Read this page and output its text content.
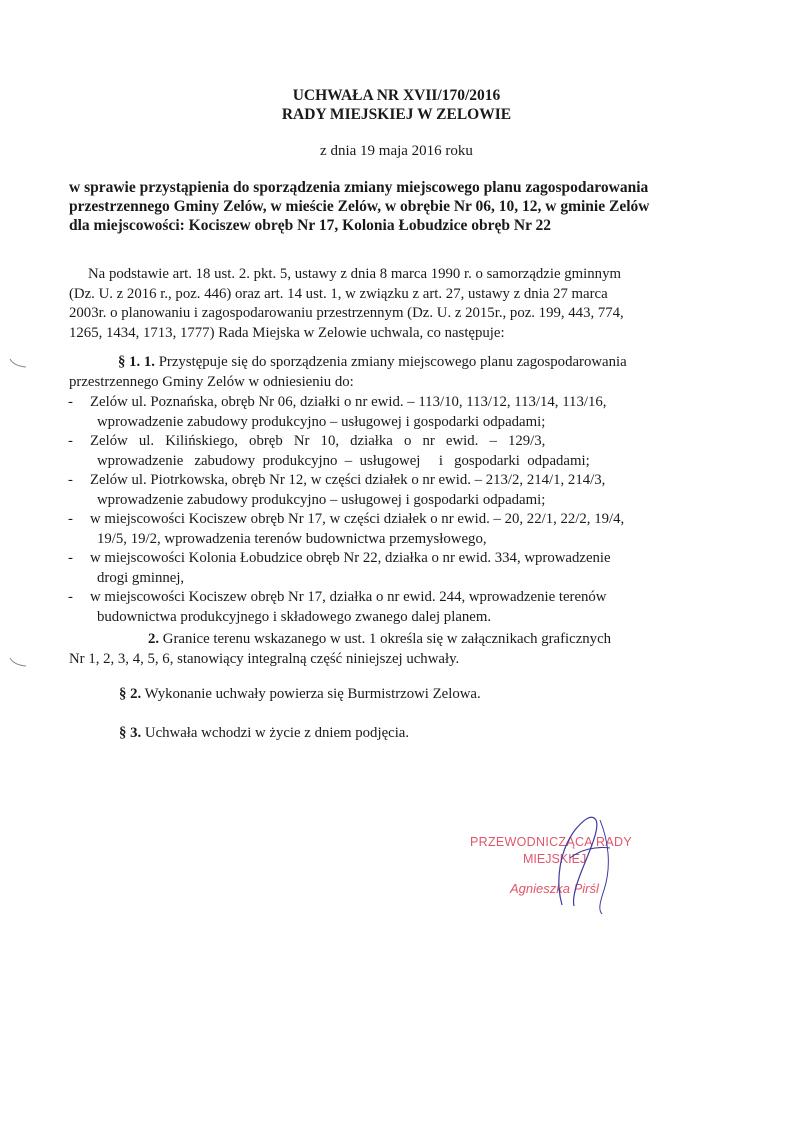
UCHWAŁA NR XVII/170/2016
RADY MIEJSKIEJ W ZELOWIE
z dnia 19 maja 2016 roku
w sprawie przystąpienia do sporządzenia zmiany miejscowego planu zagospodarowania
przestrzennego Gminy Zelów, w mieście Zelów, w obrębie Nr 06, 10, 12, w gminie Zelów
dla miejscowości: Kociszew obręb Nr 17, Kolonia Łobudzice obręb Nr 22
Na podstawie art. 18 ust. 2. pkt. 5, ustawy z dnia 8 marca 1990 r. o samorządzie gminnym
(Dz. U. z 2016 r., poz. 446) oraz art. 14 ust. 1, w związku z art. 27, ustawy z dnia 27 marca
2003r. o planowaniu i zagospodarowaniu przestrzennym (Dz. U. z 2015r., poz. 199, 443, 774,
1265, 1434, 1713, 1777) Rada Miejska w Zelowie uchwala, co następuje:
§ 1. 1. Przystępuje się do sporządzenia zmiany miejscowego planu zagospodarowania
przestrzennego Gminy Zelów w odniesieniu do:
- Zelów ul. Poznańska, obręb Nr 06, działki o nr ewid. – 113/10, 113/12, 113/14, 113/16,
wprowadzenie zabudowy produkcyjno – usługowej i gospodarki odpadami;
- Zelów   ul.   Kilińskiego,   obręb   Nr   10,   działka   o   nr   ewid.   –   129/3,
wprowadzenie   zabudowy  produkcyjno  –  usługowej     i   gospodarki  odpadami;
- Zelów ul. Piotrkowska, obręb Nr 12, w części działek o nr ewid. – 213/2, 214/1, 214/3,
wprowadzenie zabudowy produkcyjno – usługowej i gospodarki odpadami;
- w miejscowości Kociszew obręb Nr 17, w części działek o nr ewid. – 20, 22/1, 22/2, 19/4,
19/5, 19/2, wprowadzenia terenów budownictwa przemysłowego,
- w miejscowości Kolonia Łobudzice obręb Nr 22, działka o nr ewid. 334, wprowadzenie
drogi gminnej,
- w miejscowości Kociszew obręb Nr 17, działka o nr ewid. 244, wprowadzenie terenów
budownictwa produkcyjnego i składowego zwanego dalej planem.
2. Granice terenu wskazanego w ust. 1 określa się w załącznikach graficznych
Nr 1, 2, 3, 4, 5, 6, stanowiący integralną część niniejszej uchwały.
§ 2. Wykonanie uchwały powierza się Burmistrzowi Zelowa.
§ 3. Uchwała wchodzi w życie z dniem podjęcia.
PRZEWODNICZĄCA RADY
MIEJSKIEJ
Agnieszka Pirśl
